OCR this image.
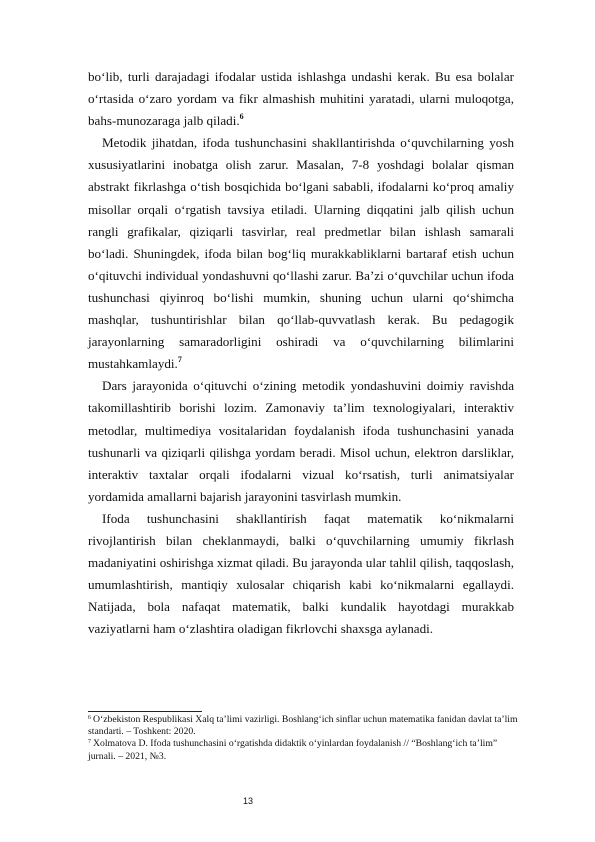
bo‘lib, turli darajadagi ifodalar ustida ishlashga undashi kerak. Bu esa bolalar o‘rtasida o‘zaro yordam va fikr almashish muhitini yaratadi, ularni muloqotga, bahs-munozaraga jalb qiladi.$^6$

Metodik jihatdan, ifoda tushunchasini shakllantirishda o‘quvchilarning yosh xususiyatlarini inobatga olish zarur. Masalan, 7-8 yoshdagi bolalar qisman abstrakt fikrlashga o‘tish bosqichida bo‘lgani sababli, ifodalarni ko‘proq amaliy misollar orqali o‘rgatish tavsiya etiladi. Ularning diqqatini jalb qilish uchun rangli grafikalar, qiziqarli tasvirlar, real predmetlar bilan ishlash samarali bo‘ladi. Shuningdek, ifoda bilan bog‘liq murakkabliklarni bartaraf etish uchun o‘qituvchi individual yondashuvni qo‘llashi zarur. Ba’zi o‘quvchilar uchun ifoda tushunchasi qiyinroq bo‘lishi mumkin, shuning uchun ularni qo‘shimcha mashqlar, tushuntirishlar bilan qo‘llab-quvvatlash kerak. Bu pedagogik jarayonlarning samaradorligini oshiradi va o‘quvchilarning bilimlarini mustahkamlaydi.$^7$

Dars jarayonida o‘qituvchi o‘zining metodik yondashuvini doimiy ravishda takomillashtirib borishi lozim. Zamonaviy ta’lim texnologiyalari, interaktiv metodlar, multimediya vositalaridan foydalanish ifoda tushunchasini yanada tushunarli va qiziqarli qilishga yordam beradi. Misol uchun, elektron darsliklar, interaktiv taxtalar orqali ifodalarni vizual ko‘rsatish, turli animatsiyalar yordamida amallarni bajarish jarayonini tasvirlash mumkin.

Ifoda tushunchasini shakllantirish faqat matematik ko‘nikmalarni rivojlantirish bilan cheklanmaydi, balki o‘quvchilarning umumiy fikrlash madaniyatini oshirishga xizmat qiladi. Bu jarayonda ular tahlil qilish, taqqoslash, umumlashtirish, mantiqiy xulosalar chiqarish kabi ko‘nikmalarni egallaydi. Natijada, bola nafaqat matematik, balki kundalik hayotdagi murakkab vaziyatlarni ham o‘zlashtira oladigan fikrlovchi shaxsga aylanadi.

$^6$ O‘zbekiston Respublikasi Xalq ta’limi vazirligi. Boshlang‘ich sinflar uchun matematika fanidan davlat ta’lim standarti. – Toshkent: 2020.

$^7$ Xolmatova D. Ifoda tushunchasini o‘rgatishda didaktik o‘yinlardan foydalanish // “Boshlang‘ich ta’lim” jurnali. – 2021, №3.

13
